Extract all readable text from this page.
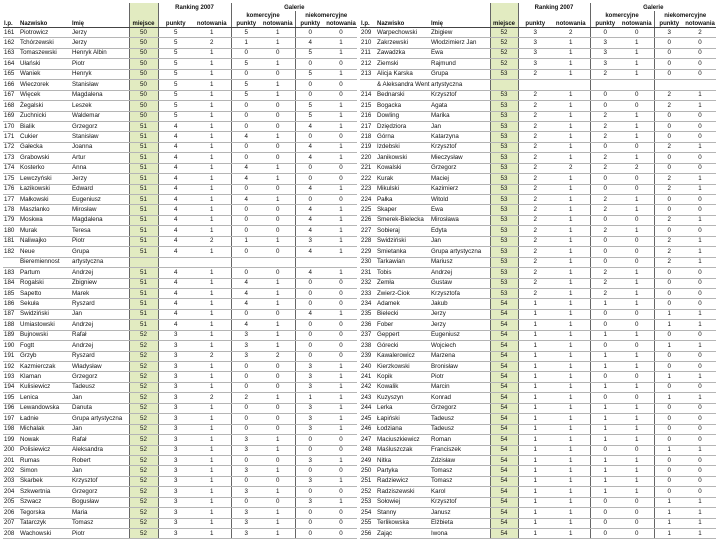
				Ranking 2007		Galerie			
						komercyjne		niekomercyjne	
l.p.	Nazwisko	Imię	miejsce	punkty	notowania	punkty	notowania	punkty	notowania
161	Piotrowicz	Jerzy	50	5	1	5	1	0	0
162	Tchórzewski	Jerzy	50	5	2	1	1	4	1
163	Tomaszewski	Henryk Albin	50	5	1	0	0	5	1
164	Ułański	Piotr	50	5	1	5	1	0	0
165	Waniek	Henryk	50	5	1	0	0	5	1
166	Wieczorek	Stanisław	50	5	1	5	1	0	0
167	Więcek	Magdalena	50	5	1	5	1	0	0
168	Żegalski	Leszek	50	5	1	0	0	5	1
169	Żuchnicki	Waldemar	50	5	1	0	0	5	1
170	Bialik	Grzegorz	51	4	1	0	0	4	1
171	Cukier	Stanisław	51	4	1	4	1	0	0
172	Gałecka	Joanna	51	4	1	0	0	4	1
173	Grabowski	Artur	51	4	1	0	0	4	1
174	Kosterko	Anna	51	4	1	4	1	0	0
175	Lewczyński	Jerzy	51	4	1	4	1	0	0
176	Łazikowski	Edward	51	4	1	0	0	4	1
177	Małkowski	Eugeniusz	51	4	1	4	1	0	0
178	Maszlanko	Mirosław	51	4	1	0	0	4	1
179	Moskwa	Magdalena	51	4	1	0	0	4	1
180	Murak	Teresa	51	4	1	0	0	4	1
181	Naliwajko	Piotr	51	4	2	1	1	3	1
182	Neue	Grupa	51	4	1	0	0	4	1
	Bieremiennost	artystyczna							
183	Partum	Andrzej	51	4	1	0	0	4	1
184	Rogalski	Zbigniew	51	4	1	4	1	0	0
185	Sapetto	Marek	51	4	1	4	1	0	0
186	Sekuła	Ryszard	51	4	1	4	1	0	0
187	Świdziński	Jan	51	4	1	0	0	4	1
188	Umiastowski	Andrzej	51	4	1	4	1	0	0
189	Bujnowski	Rafał	52	3	1	3	1	0	0
190	Fogtt	Andrzej	52	3	1	3	1	0	0
191	Grzyb	Ryszard	52	3	2	3	2	0	0
192	Kazmierczak	Władysław	52	3	1	0	0	3	1
193	Klaman	Grzegorz	52	3	1	0	0	3	1
194	Kulisiewicz	Tadeusz	52	3	1	0	0	3	1
195	Lenica	Jan	52	3	2	2	1	1	1
196	Lewandowska	Danuta	52	3	1	0	0	3	1
197	Ładnie	Grupa artystyczna	52	3	1	0	0	3	1
198	Michalak	Jan	52	3	1	0	0	3	1
199	Nowak	Rafał	52	3	1	3	1	0	0
200	Polisiewicz	Aleksandra	52	3	1	3	1	0	0
201	Rumas	Robert	52	3	1	0	0	3	1
202	Simon	Jan	52	3	1	3	1	0	0
203	Skarbek	Krzysztof	52	3	1	0	0	3	1
204	Szkwertnia	Grzegorz	52	3	1	3	1	0	0
205	Szwacz	Bogusław	52	3	1	0	0	3	1
206	Tegorska	Maria	52	3	1	3	1	0	0
207	Tatarczyk	Tomasz	52	3	1	3	1	0	0
208	Wachowski	Piotr	52	3	1	3	1	0	0
				Ranking 2007		Galerie			
						komercyjne		niekomercyjne	
l.p.	Nazwisko	Imię	miejsce	punkty	notowania	punkty	notowania	punkty	notowania
209	Warpechowski	Zbigiew	52	3	2	0	0	3	2
210	Zakrzewski	Włodzimierz Jan	52	3	1	3	1	0	0
211	Zawadzka	Ewa	52	3	1	3	1	0	0
212	Ziemski	Rajmund	52	3	1	3	1	0	0
213	Alicja Karska	Grupa	53	2	1	2	1	0	0
	& Aleksandra Went	artystyczna							
214	Bednarski	Krzysztof	53	2	1	0	0	2	1
215	Bogacka	Agata	53	2	1	0	0	2	1
216	Dowling	Marika	53	2	1	2	1	0	0
217	Dziędziora	Jan	53	2	1	2	1	0	0
218	Górna	Katarzyna	53	2	1	2	1	0	0
219	Izdebski	Krzysztof	53	2	1	0	0	2	1
220	Janikowski	Mieczysław	53	2	1	2	1	0	0
221	Kowalski	Grzegorz	53	2	2	2	2	0	0
222	Kurak	Maciej	53	2	1	0	0	2	1
223	Mikulski	Kazimierz	53	2	1	0	0	2	1
224	Pałka	Witold	53	2	1	2	1	0	0
225	Skaper	Ewa	53	2	1	2	1	0	0
226	Smerek-Bielecka	Mirosława	53	2	1	0	0	2	1
227	Sobieraj	Edyta	53	2	1	2	1	0	0
228	Świdziński	Jan	53	2	1	0	0	2	1
229	Smietanka	Grupa artystyczna	53	2	1	0	0	2	1
230	Tarkawian	Mariusz	53	2	1	0	0	2	1
231	Tobis	Andrzej	53	2	1	2	1	0	0
232	Zemła	Gustaw	53	2	1	2	1	0	0
233	Zwierz-Ciok	Krzysztofa	53	2	1	2	1	0	0
234	Adamek	Jakub	54	1	1	1	1	0	0
235	Bielecki	Jerzy	54	1	1	0	0	1	1
236	Fober	Jerzy	54	1	1	0	0	1	1
237	Geppert	Eugeniusz	54	1	1	1	1	0	0
238	Górecki	Wojciech	54	1	1	0	0	1	1
239	Kawalerowicz	Marzena	54	1	1	1	1	0	0
240	Kierzkowski	Bronisław	54	1	1	1	1	0	0
241	Kopik	Piotr	54	1	1	0	0	1	1
242	Kowalik	Marcin	54	1	1	1	1	0	0
243	Kuzyszyn	Konrad	54	1	1	0	0	1	1
244	Lerka	Grzegorz	54	1	1	1	1	0	0
245	Łapiński	Tadeusz	54	1	1	1	1	0	0
246	Łodziana	Tadeusz	54	1	1	1	1	0	0
247	Maciuszkiewicz	Roman	54	1	1	1	1	0	0
248	Maśluszczak	Franciszek	54	1	1	0	0	1	1
249	Nitka	Zdzisław	54	1	1	1	1	0	0
250	Partyka	Tomasz	54	1	1	1	1	0	0
251	Radziewicz	Tomasz	54	1	1	1	1	0	0
252	Radziszewski	Karol	54	1	1	1	1	0	0
253	Sołowiej	Krzysztof	54	1	1	0	0	1	1
254	Stanny	Janusz	54	1	1	0	0	1	1
255	Terlikowska	Elżbieta	54	1	1	0	0	1	1
256	Zając	Iwona	54	1	1	0	0	1	1
